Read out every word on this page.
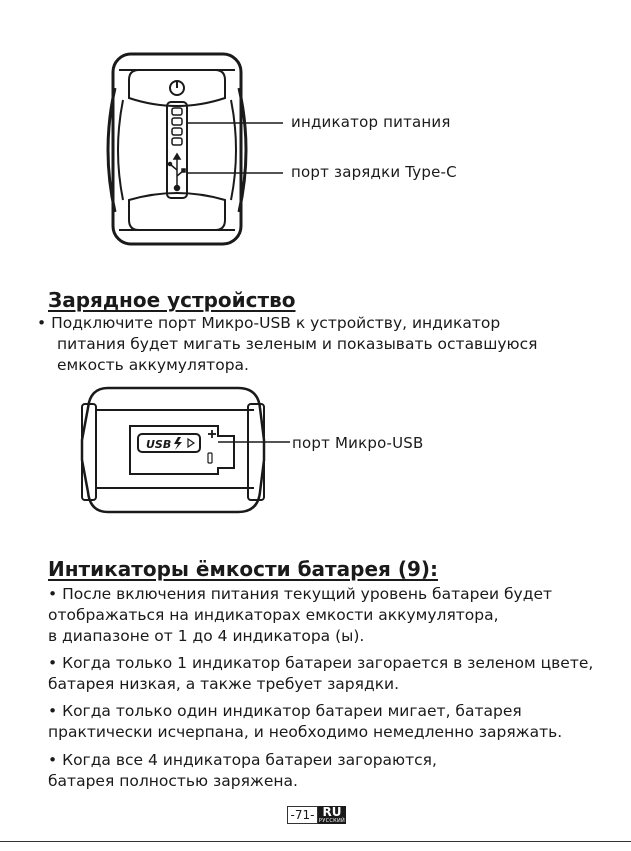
индикатор питания
порт зарядки Type-C
Зарядное устройство

• Подключите порт Микро-USB к устройству, индикатор

питания будет мигать зеленым и показывать оставшуюся

емкость аккумулятора.

USB	порт Микро-USB
Интикаторы ёмкости батарея (9):

• После включения питания текущий уровень батареи будет

отображаться на индикаторах емкости аккумулятора,

в диапазоне от 1 до 4 индикатора (ы).

• Когда только 1 индикатор батареи загорается в зеленом цвете,

батарея низкая, а также требует зарядки.

• Когда только один индикатор батареи мигает, батарея

практически исчерпана, и необходимо немедленно заряжать.

• Когда все 4 индикатора батареи загораются,

батарея полностью заряжена.

-71- RU
РУССКИЙ
